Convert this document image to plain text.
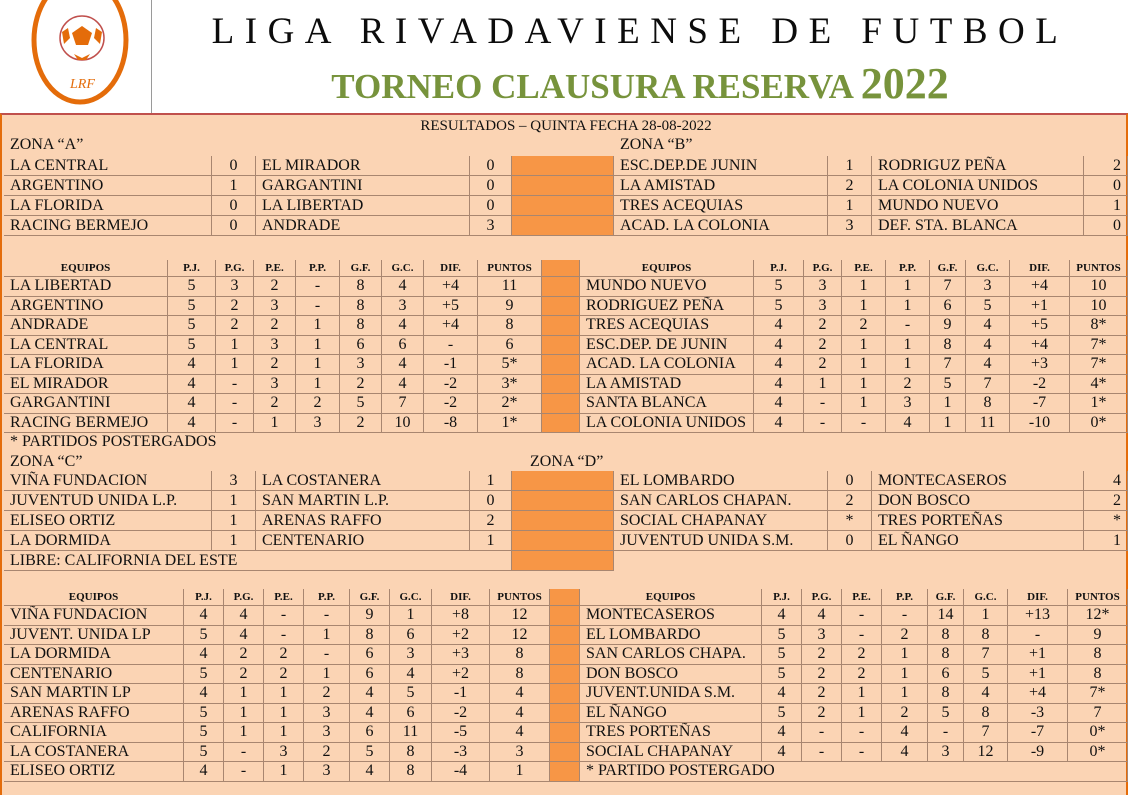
LRF
LIGA RIVADAVIENSE DE FUTBOL
TORNEO CLAUSURA RESERVA 2022
RESULTADOS – QUINTA FECHA 28-08-2022
ZONA “A”	ZONA “B”
LA CENTRAL	0	EL MIRADOR	0	ESC.DEP.DE JUNIN	1	RODRIGUZ PEÑA	2
ARGENTINO	1	GARGANTINI	0	LA AMISTAD	2	LA COLONIA UNIDOS	0
LA FLORIDA	0	LA LIBERTAD	0	TRES ACEQUIAS	1	MUNDO NUEVO	1
RACING BERMEJO	0	ANDRADE	3	ACAD. LA COLONIA	3	DEF. STA. BLANCA	0
EQUIPOS	P.J.	P.G.	P.E.	P.P.	G.F.	G.C.	DIF.	PUNTOS	EQUIPOS	P.J.	P.G.	P.E.	P.P.	G.F.	G.C.	DIF.	PUNTOS
LA LIBERTAD	5	3	2	-	8	4	+4	11	MUNDO NUEVO	5	3	1	1	7	3	+4	10
ARGENTINO	5	2	3	-	8	3	+5	9	RODRIGUEZ PEÑA	5	3	1	1	6	5	+1	10
ANDRADE	5	2	2	1	8	4	+4	8	TRES ACEQUIAS	4	2	2	-	9	4	+5	8*
LA CENTRAL	5	1	3	1	6	6	-	6	ESC.DEP. DE JUNIN	4	2	1	1	8	4	+4	7*
LA FLORIDA	4	1	2	1	3	4	-1	5*	ACAD. LA COLONIA	4	2	1	1	7	4	+3	7*
EL MIRADOR	4	-	3	1	2	4	-2	3*	LA AMISTAD	4	1	1	2	5	7	-2	4*
GARGANTINI	4	-	2	2	5	7	-2	2*	SANTA BLANCA	4	-	1	3	1	8	-7	1*
RACING BERMEJO	4	-	1	3	2	10	-8	1*	LA COLONIA UNIDOS	4	-	-	4	1	11	-10	0*
* PARTIDOS POSTERGADOS
ZONA “C”	ZONA “D”
VIÑA FUNDACION	3	LA COSTANERA	1	EL LOMBARDO	0	MONTECASEROS	4
JUVENTUD UNIDA L.P.	1	SAN MARTIN L.P.	0	SAN CARLOS CHAPAN.	2	DON BOSCO	2
ELISEO ORTIZ	1	ARENAS RAFFO	2	SOCIAL CHAPANAY	*	TRES PORTEÑAS	*
LA DORMIDA	1	CENTENARIO	1	JUVENTUD UNIDA S.M.	0	EL ÑANGO	1
LIBRE: CALIFORNIA DEL ESTE
EQUIPOS	P.J.	P.G.	P.E.	P.P.	G.F.	G.C.	DIF.	PUNTOS	EQUIPOS	P.J.	P.G.	P.E.	P.P.	G.F.	G.C.	DIF.	PUNTOS
VIÑA FUNDACION	4	4	-	-	9	1	+8	12	MONTECASEROS	4	4	-	-	14	1	+13	12*
JUVENT. UNIDA LP	5	4	-	1	8	6	+2	12	EL LOMBARDO	5	3	-	2	8	8	-	9
LA DORMIDA	4	2	2	-	6	3	+3	8	SAN CARLOS CHAPA.	5	2	2	1	8	7	+1	8
CENTENARIO	5	2	2	1	6	4	+2	8	DON BOSCO	5	2	2	1	6	5	+1	8
SAN MARTIN LP	4	1	1	2	4	5	-1	4	JUVENT.UNIDA S.M.	4	2	1	1	8	4	+4	7*
ARENAS RAFFO	5	1	1	3	4	6	-2	4	EL ÑANGO	5	2	1	2	5	8	-3	7
CALIFORNIA	5	1	1	3	6	11	-5	4	TRES PORTEÑAS	4	-	-	4	-	7	-7	0*
LA COSTANERA	5	-	3	2	5	8	-3	3	SOCIAL CHAPANAY	4	-	-	4	3	12	-9	0*
ELISEO ORTIZ	4	-	1	3	4	8	-4	1	* PARTIDO POSTERGADO
